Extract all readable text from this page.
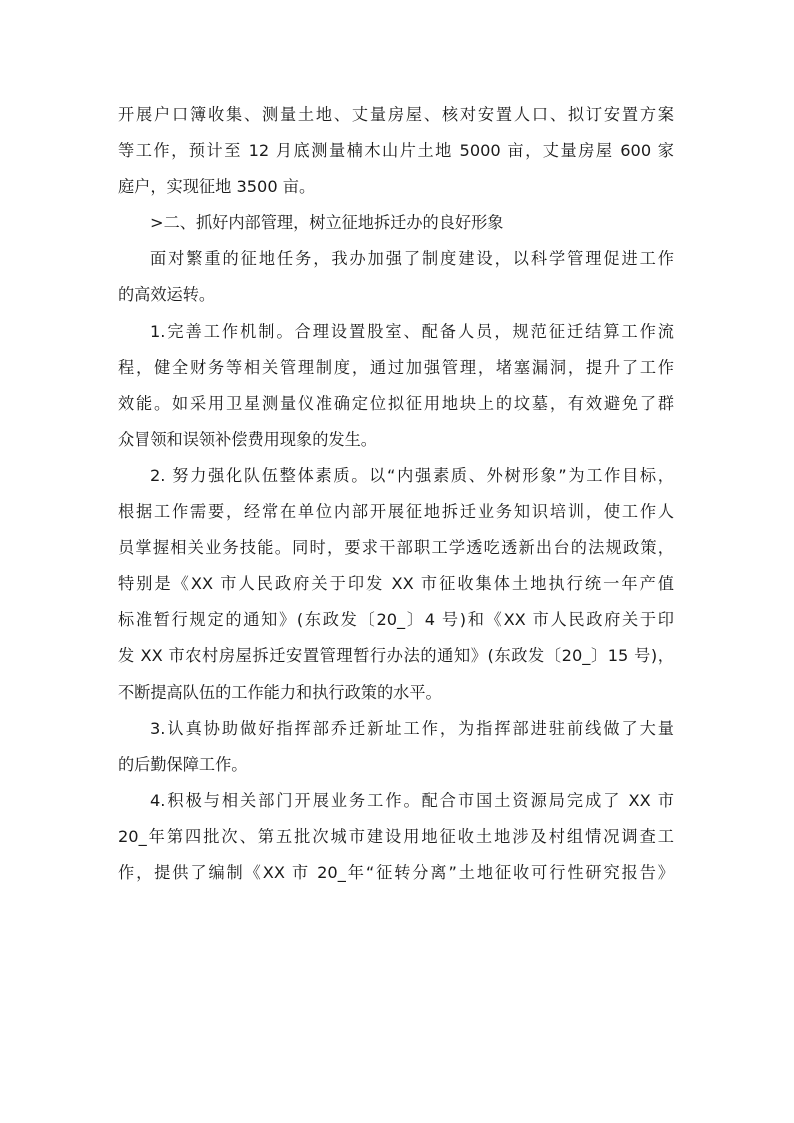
开展户口簿收集、测量土地、丈量房屋、核对安置人口、拟订安置方案
等工作，预计至 12 月底测量楠木山片土地 5000 亩，丈量房屋 600 家
庭户，实现征地 3500 亩。
>二、抓好内部管理，树立征地拆迁办的良好形象
面对繁重的征地任务，我办加强了制度建设，以科学管理促进工作
的高效运转。
1.完善工作机制。合理设置股室、配备人员，规范征迁结算工作流
程，健全财务等相关管理制度，通过加强管理，堵塞漏洞，提升了工作
效能。如采用卫星测量仪准确定位拟征用地块上的坟墓，有效避免了群
众冒领和误领补偿费用现象的发生。
2. 努力强化队伍整体素质。以“内强素质、外树形象”为工作目标，
根据工作需要，经常在单位内部开展征地拆迁业务知识培训，使工作人
员掌握相关业务技能。同时，要求干部职工学透吃透新出台的法规政策，
特别是《XX 市人民政府关于印发 XX 市征收集体土地执行统一年产值
标准暂行规定的通知》(东政发〔20_〕4 号)和《XX 市人民政府关于印
发 XX 市农村房屋拆迁安置管理暂行办法的通知》(东政发〔20_〕15 号)，
不断提高队伍的工作能力和执行政策的水平。
3.认真协助做好指挥部乔迁新址工作，为指挥部进驻前线做了大量
的后勤保障工作。
4.积极与相关部门开展业务工作。配合市国土资源局完成了 XX 市
20_年第四批次、第五批次城市建设用地征收土地涉及村组情况调查工
作，提供了编制《XX 市 20_年“征转分离”土地征收可行性研究报告》
